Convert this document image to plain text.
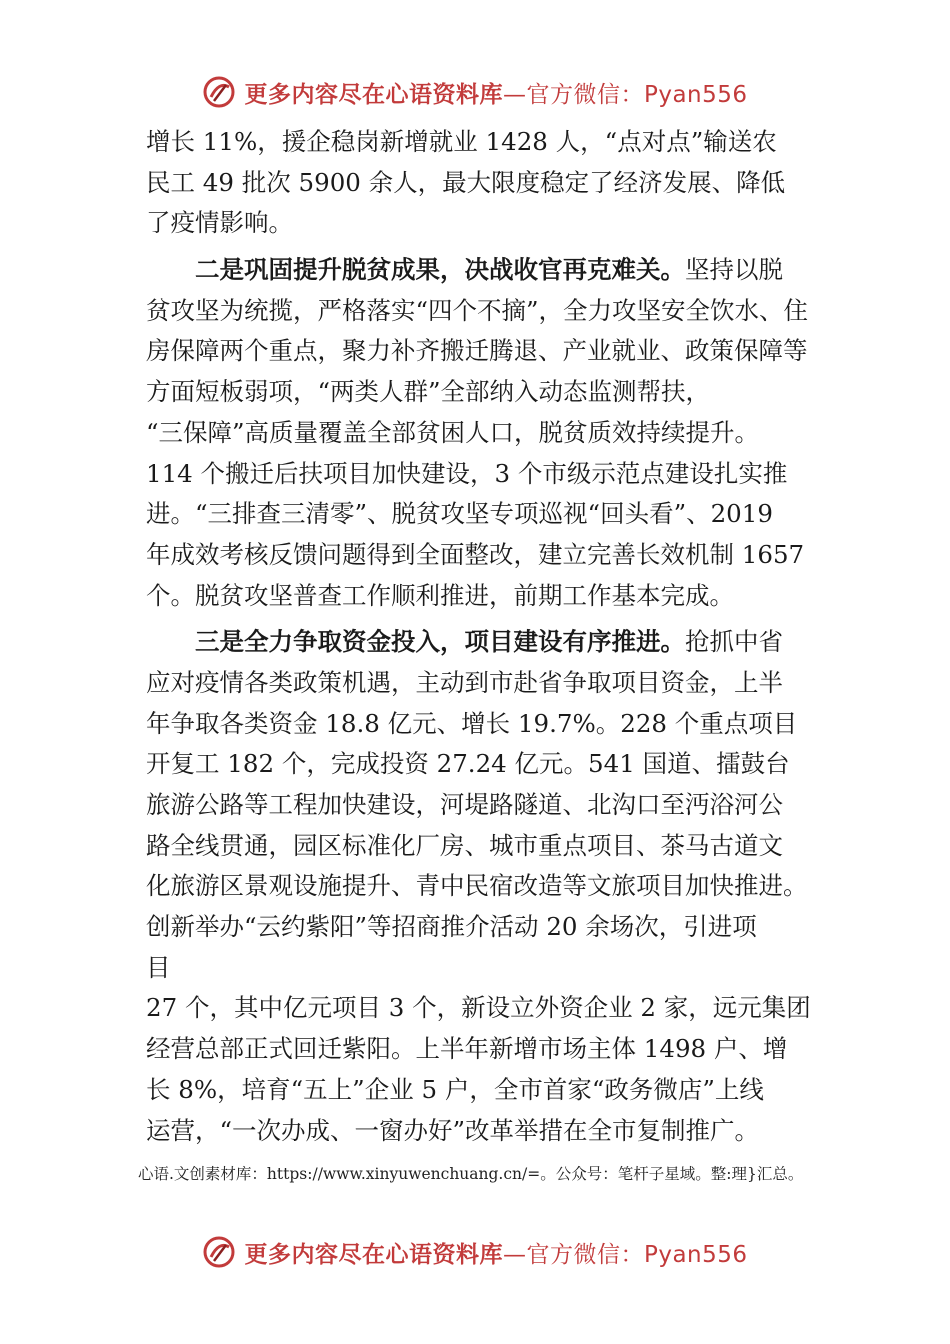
更多内容尽在心语资料库—官方微信：Pyan556
增长 11%，援企稳岗新增就业 1428 人，“点对点”输送农
民工 49 批次 5900 余人，最大限度稳定了经济发展、降低
了疫情影响。
二是巩固提升脱贫成果，决战收官再克难关。坚持以脱
贫攻坚为统揽，严格落实“四个不摘”，全力攻坚安全饮水、住
房保障两个重点，聚力补齐搬迁腾退、产业就业、政策保障等
方面短板弱项，“两类人群”全部纳入动态监测帮扶，
“三保障”高质量覆盖全部贫困人口，脱贫质效持续提升。
114 个搬迁后扶项目加快建设，3 个市级示范点建设扎实推
进。“三排查三清零”、脱贫攻坚专项巡视“回头看”、2019
年成效考核反馈问题得到全面整改，建立完善长效机制 1657
个。脱贫攻坚普查工作顺利推进，前期工作基本完成。
三是全力争取资金投入，项目建设有序推进。抢抓中省
应对疫情各类政策机遇，主动到市赴省争取项目资金，上半
年争取各类资金 18.8 亿元、增长 19.7%。228 个重点项目
开复工 182 个，完成投资 27.24 亿元。541 国道、擂鼓台
旅游公路等工程加快建设，河堤路隧道、北沟口至沔浴河公
路全线贯通，园区标准化厂房、城市重点项目、茶马古道文
化旅游区景观设施提升、青中民宿改造等文旅项目加快推进。
创新举办“云约紫阳”等招商推介活动 20 余场次，引进项
目
27 个，其中亿元项目 3 个，新设立外资企业 2 家，远元集团
经营总部正式回迁紫阳。上半年新增市场主体 1498 户、增
长 8%，培育“五上”企业 5 户，全市首家“政务微店”上线
运营，“一次办成、一窗办好”改革举措在全市复制推广。
心语.文创素材库：https://www.xinyuwenchuang.cn/=。公众号：笔杆子星域。整:理}汇总。
更多内容尽在心语资料库—官方微信：Pyan556
